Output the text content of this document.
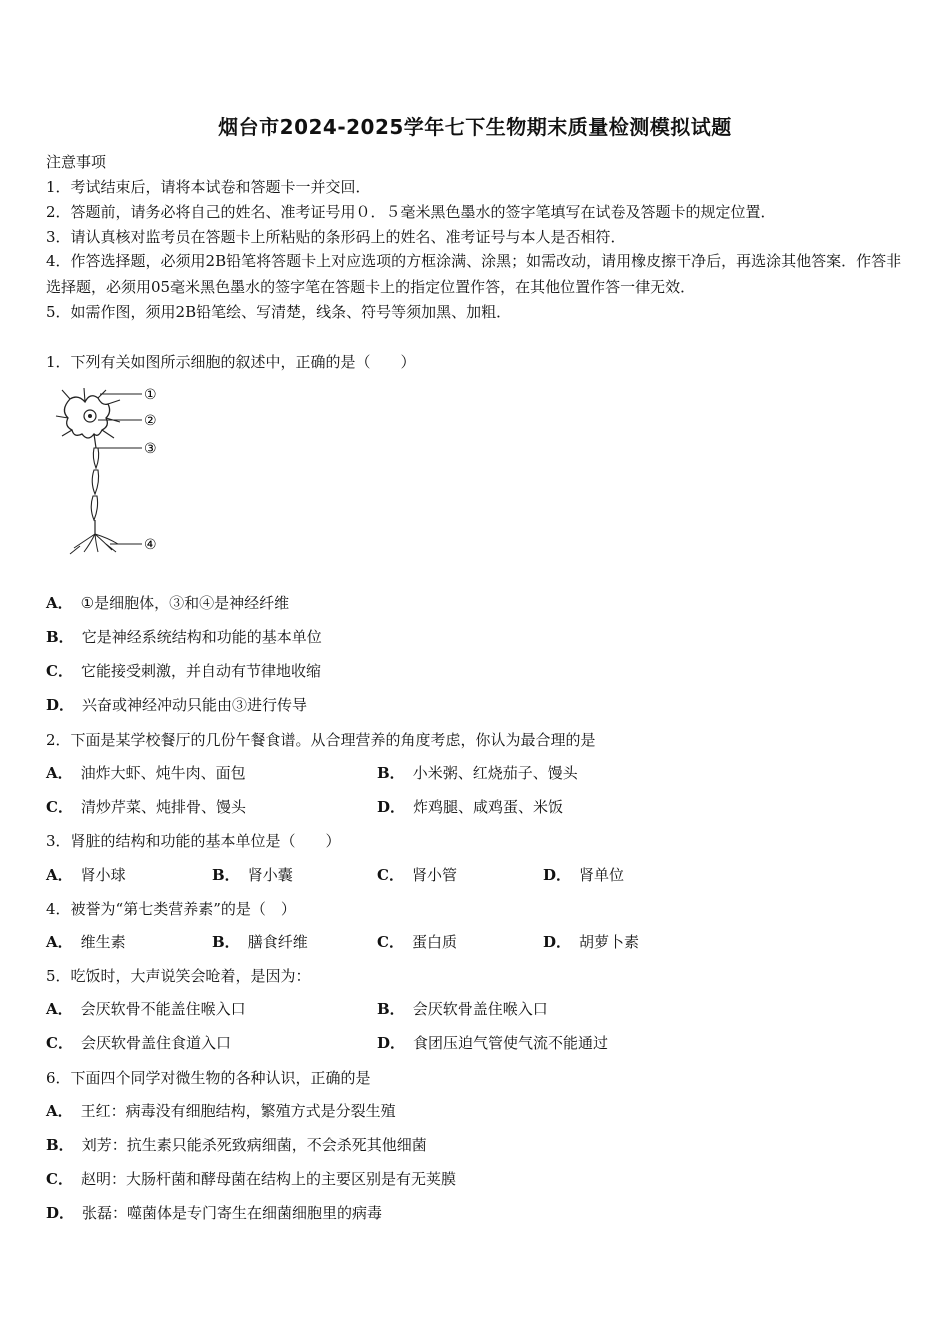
烟台市2024-2025学年七下生物期末质量检测模拟试题
注意事项
1．考试结束后，请将本试卷和答题卡一并交回．
2．答题前，请务必将自己的姓名、准考证号用０．５毫米黑色墨水的签字笔填写在试卷及答题卡的规定位置．
3．请认真核对监考员在答题卡上所粘贴的条形码上的姓名、准考证号与本人是否相符．
4．作答选择题，必须用2B铅笔将答题卡上对应选项的方框涂满、涂黑；如需改动，请用橡皮擦干净后，再选涂其他答案．作答非选择题，必须用05毫米黑色墨水的签字笔在答题卡上的指定位置作答，在其他位置作答一律无效．
5．如需作图，须用2B铅笔绘、写清楚，线条、符号等须加黑、加粗．
1．下列有关如图所示细胞的叙述中，正确的是（　　）
①
②
③
④
A． ①是细胞体，③和④是神经纤维
B． 它是神经系统结构和功能的基本单位
C． 它能接受刺激，并自动有节律地收缩
D． 兴奋或神经冲动只能由③进行传导
2．下面是某学校餐厅的几份午餐食谱。从合理营养的角度考虑，你认为最合理的是
A． 油炸大虾、炖牛肉、面包	B． 小米粥、红烧茄子、馒头
C． 清炒芹菜、炖排骨、馒头	D． 炸鸡腿、咸鸡蛋、米饭
3．肾脏的结构和功能的基本单位是（　　）
A． 肾小球	B． 肾小囊	C． 肾小管	D． 肾单位
4．被誉为“第七类营养素”的是（　）
A． 维生素	B． 膳食纤维	C． 蛋白质	D． 胡萝卜素
5．吃饭时，大声说笑会呛着，是因为：
A． 会厌软骨不能盖住喉入口	B． 会厌软骨盖住喉入口
C． 会厌软骨盖住食道入口	D． 食团压迫气管使气流不能通过
6．下面四个同学对微生物的各种认识，正确的是
A． 王红：病毒没有细胞结构，繁殖方式是分裂生殖
B． 刘芳：抗生素只能杀死致病细菌，不会杀死其他细菌
C． 赵明：大肠杆菌和酵母菌在结构上的主要区别是有无荚膜
D． 张磊：噬菌体是专门寄生在细菌细胞里的病毒
